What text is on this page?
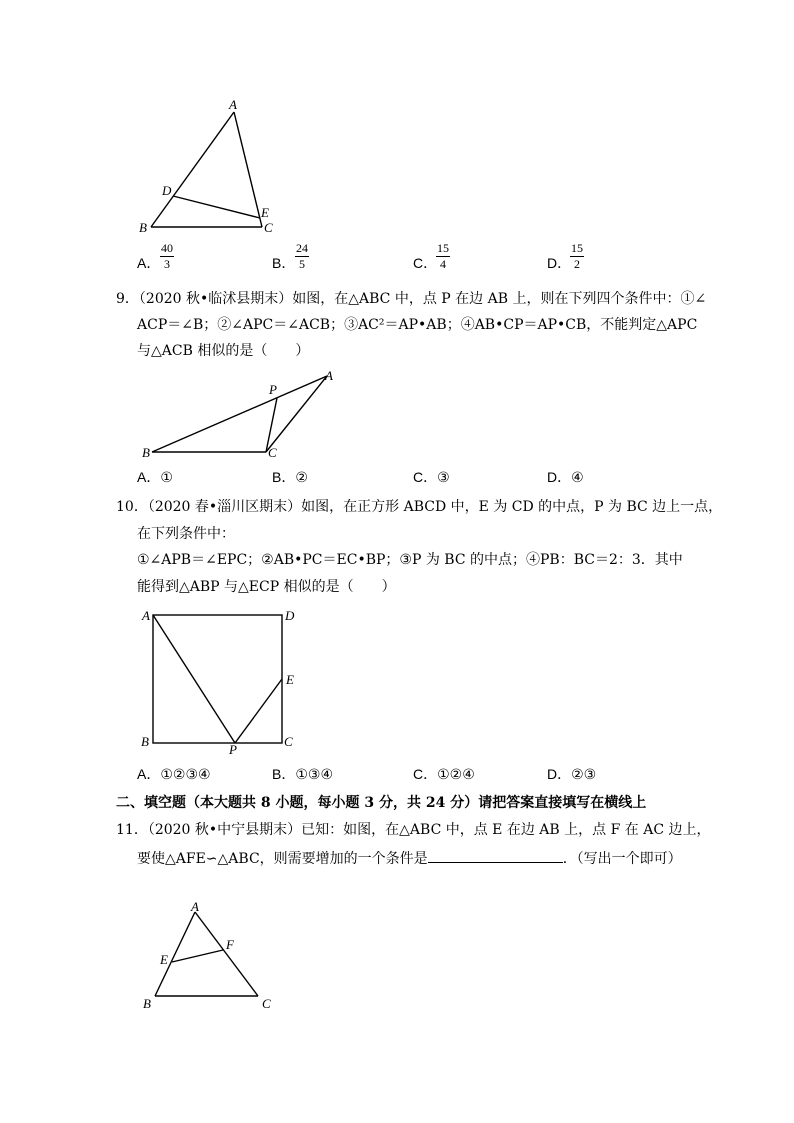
A
D
E
B	C
A．
40
3	B．
24
5	C．
15
4	D．
15
2
9．（2020 秋•临沭县期末）如图，在△ABC 中，点 P 在边 AB 上，则在下列四个条件中：①∠
ACP＝∠B；②∠APC＝∠ACB；③AC²＝AP•AB；④AB•CP＝AP•CB，不能判定△APC
与△ACB 相似的是（　　）
P
A
B	C
A．①	B．②	C．③	D．④
10．（2020 春•淄川区期末）如图，在正方形 ABCD 中，E 为 CD 的中点，P 为 BC 边上一点，
在下列条件中：
①∠APB＝∠EPC；②AB•PC＝EC•BP；③P 为 BC 的中点；④PB：BC＝2：3．其中
能得到△ABP 与△ECP 相似的是（　　）
A	D
E
B
P
C
A．①②③④	B．①③④	C．①②④	D．②③
二、填空题（本大题共 8 小题，每小题 3 分，共 24 分）请把答案直接填写在横线上
11．（2020 秋•中宁县期末）已知：如图，在△ABC 中，点 E 在边 AB 上，点 F 在 AC 边上，
要使△AFE∽△ABC，则需要增加的一个条件是	．（写出一个即可）
A
F
E
B	C
